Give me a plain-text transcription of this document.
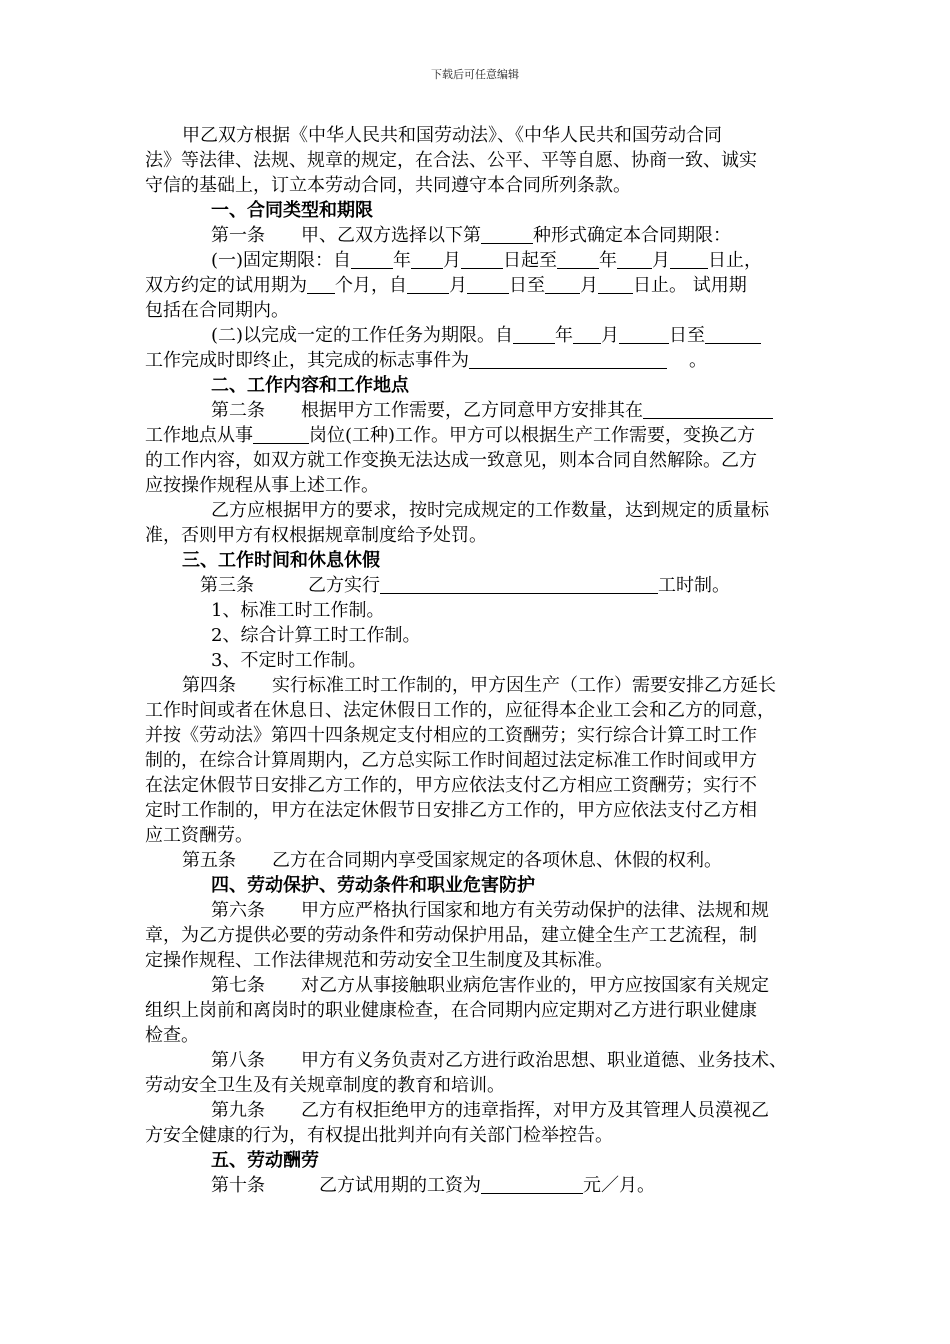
下载后可任意编辑

甲乙双方根据《中华人民共和国劳动法》、《中华人民共和国劳动合同

法》等法律、法规、规章的规定，在合法、公平、平等自愿、协商一致、诚实

守信的基础上，订立本劳动合同，共同遵守本合同所列条款。

一、合同类型和期限

第一条　　甲、乙双方选择以下第	种形式确定本合同期限：

(一)固定期限：自 年 月 日起至 年 月 日止，

双方约定的试用期为 个月，自 月 日至 月 日止。 试用期

包括在合同期内。

(二)以完成一定的工作任务为期限。自 年 月	日至

工作完成时即终止，其完成的标志事件为	。

二、工作内容和工作地点

第二条　　根据甲方工作需要，乙方同意甲方安排其在

工作地点从事	岗位(工种)工作。甲方可以根据生产工作需要，变换乙方

的工作内容，如双方就工作变换无法达成一致意见，则本合同自然解除。乙方

应按操作规程从事上述工作。

乙方应根据甲方的要求，按时完成规定的工作数量，达到规定的质量标

准，否则甲方有权根据规章制度给予处罚。

三、工作时间和休息休假

第三条　　　乙方实行	工时制。

1、标准工时工作制。

2、综合计算工时工作制。

3、不定时工作制。

第四条　　实行标准工时工作制的，甲方因生产（工作）需要安排乙方延长

工作时间或者在休息日、法定休假日工作的，应征得本企业工会和乙方的同意，

并按《劳动法》第四十四条规定支付相应的工资酬劳；实行综合计算工时工作

制的，在综合计算周期内，乙方总实际工作时间超过法定标准工作时间或甲方

在法定休假节日安排乙方工作的，甲方应依法支付乙方相应工资酬劳；实行不

定时工作制的，甲方在法定休假节日安排乙方工作的，甲方应依法支付乙方相

应工资酬劳。

第五条　　乙方在合同期内享受国家规定的各项休息、休假的权利。

四、劳动保护、劳动条件和职业危害防护

第六条　　甲方应严格执行国家和地方有关劳动保护的法律、法规和规

章，为乙方提供必要的劳动条件和劳动保护用品，建立健全生产工艺流程，制

定操作规程、工作法律规范和劳动安全卫生制度及其标准。

第七条　　对乙方从事接触职业病危害作业的，甲方应按国家有关规定

组织上岗前和离岗时的职业健康检查，在合同期内应定期对乙方进行职业健康

检查。

第八条　　甲方有义务负责对乙方进行政治思想、职业道德、业务技术、

劳动安全卫生及有关规章制度的教育和培训。

第九条　　乙方有权拒绝甲方的违章指挥，对甲方及其管理人员漠视乙

方安全健康的行为，有权提出批判并向有关部门检举控告。

五、劳动酬劳

第十条　　　乙方试用期的工资为	元／月。
